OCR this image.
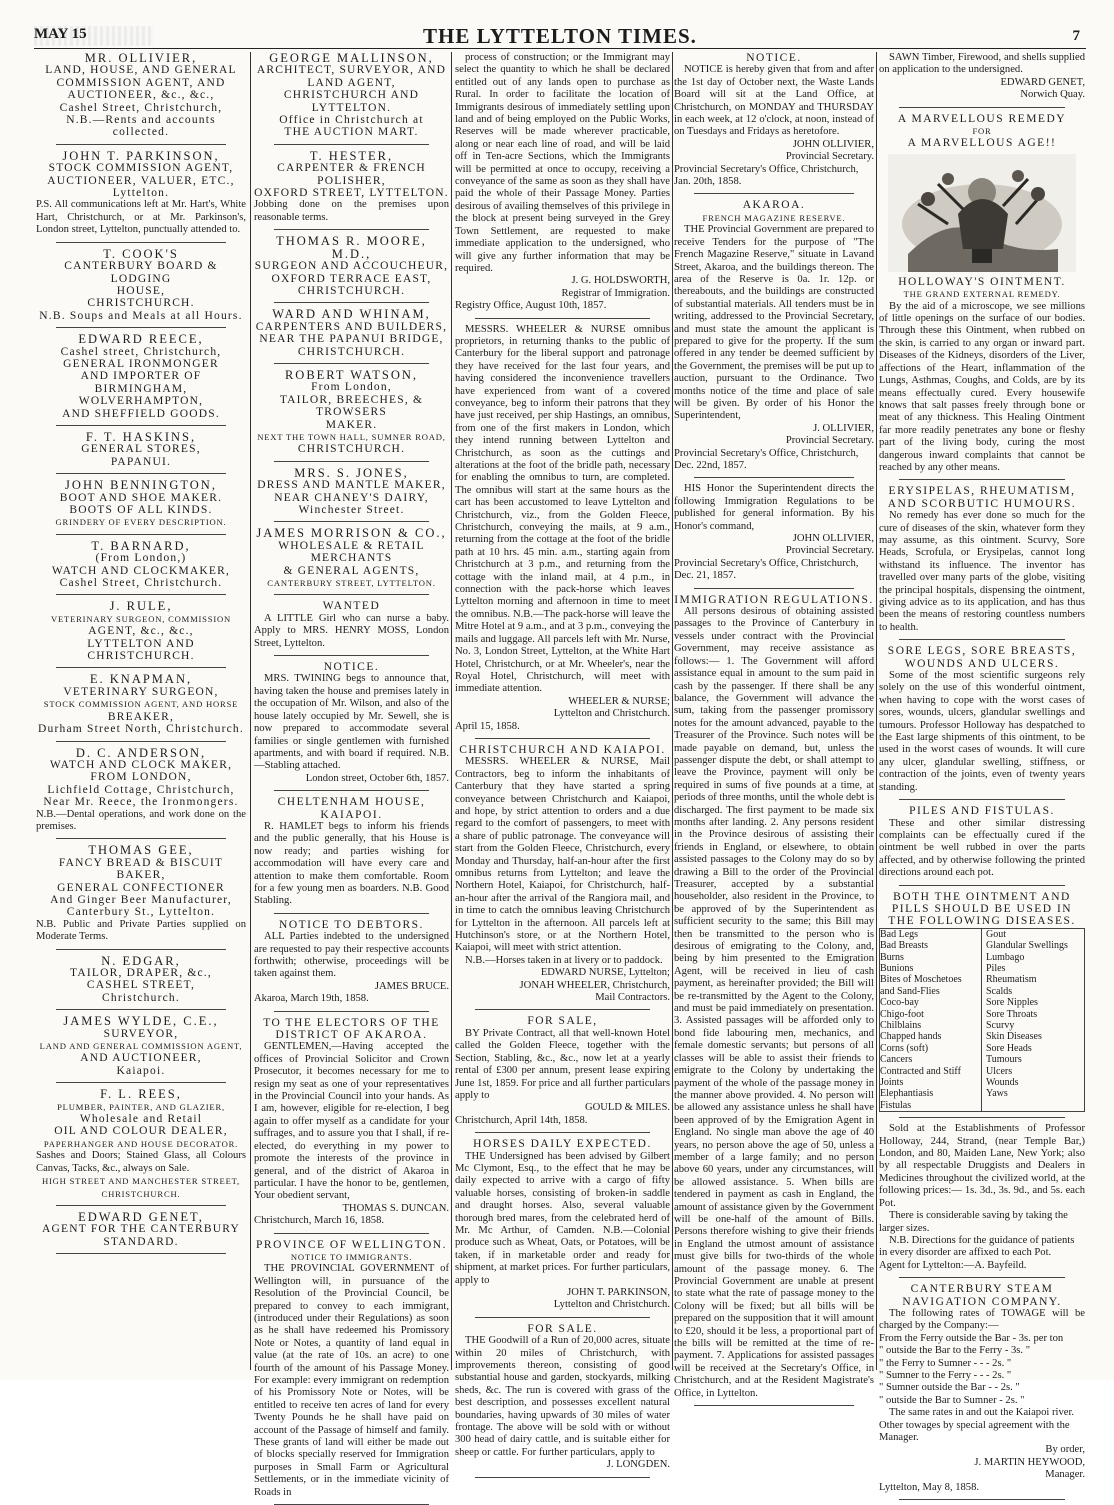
MAY 15	THE LYTTELTON TIMES.	7

MR. OLLIVIER,

LAND, HOUSE, AND GENERAL

COMMISSION AGENT, AND AUCTIONEER, &c., &c.,

Cashel Street, Christchurch,

N.B.—Rents and accounts collected.

JOHN T. PARKINSON,

STOCK COMMISSION AGENT,

AUCTIONEER, VALUER, ETC.,

Lyttelton.

P.S. All communications left at Mr. Hart's, White Hart, Christchurch, or at Mr. Parkinson's, London street, Lyttelton, punctually attended to.

T. COOK'S

CANTERBURY BOARD & LODGING

HOUSE,

CHRISTCHURCH.

N.B. Soups and Meals at all Hours.

EDWARD REECE,

Cashel street, Christchurch,

GENERAL IRONMONGER

AND IMPORTER OF

BIRMINGHAM, WOLVERHAMPTON,

AND SHEFFIELD GOODS.

F. T. HASKINS,

GENERAL STORES,

PAPANUI.

JOHN BENNINGTON,

BOOT AND SHOE MAKER.

BOOTS OF ALL KINDS.

GRINDERY OF EVERY DESCRIPTION.

T. BARNARD,

(From London,)

WATCH AND CLOCKMAKER,

Cashel Street, Christchurch.

J. RULE,

VETERINARY SURGEON, COMMISSION

AGENT, &c., &c.,

LYTTELTON AND CHRISTCHURCH.

E. KNAPMAN,

VETERINARY SURGEON,

STOCK COMMISSION AGENT, AND HORSE

BREAKER,

Durham Street North, Christchurch.

D. C. ANDERSON,

WATCH AND CLOCK MAKER,

FROM LONDON,

Lichfield Cottage, Christchurch,

Near Mr. Reece, the Ironmongers.

N.B.—Dental operations, and work done on the premises.

THOMAS GEE,

FANCY BREAD & BISCUIT BAKER,

GENERAL CONFECTIONER

And Ginger Beer Manufacturer,

Canterbury St., Lyttelton.

N.B. Public and Private Parties supplied on Moderate Terms.

N. EDGAR,

TAILOR, DRAPER, &c.,

CASHEL STREET,

Christchurch.

JAMES WYLDE, C.E.,

SURVEYOR,

LAND AND GENERAL COMMISSION AGENT,

AND AUCTIONEER,

Kaiapoi.

F. L. REES,

PLUMBER, PAINTER, AND GLAZIER,

Wholesale and Retail

OIL AND COLOUR DEALER,

PAPERHANGER AND HOUSE DECORATOR.

Sashes and Doors; Stained Glass, all Colours Canvas, Tacks, &c., always on Sale.

HIGH STREET AND MANCHESTER STREET, CHRISTCHURCH.

EDWARD GENET,

AGENT FOR THE CANTERBURY

STANDARD.

GEORGE MALLINSON,

ARCHITECT, SURVEYOR, AND

LAND AGENT,

CHRISTCHURCH AND LYTTELTON.

Office in Christchurch at

THE AUCTION MART.

T. HESTER,

CARPENTER & FRENCH POLISHER,

OXFORD STREET, LYTTELTON.

Jobbing done on the premises upon reasonable terms.

THOMAS R. MOORE, M.D.,

SURGEON AND ACCOUCHEUR,

OXFORD TERRACE EAST,

CHRISTCHURCH.

WARD AND WHINAM,

CARPENTERS AND BUILDERS,

NEAR THE PAPANUI BRIDGE,

CHRISTCHURCH.

ROBERT WATSON,

From London,

TAILOR, BREECHES, & TROWSERS

MAKER.

NEXT THE TOWN HALL, SUMNER ROAD,

CHRISTCHURCH.

MRS. S. JONES,

DRESS AND MANTLE MAKER,

NEAR CHANEY'S DAIRY,

Winchester Street.

JAMES MORRISON & CO.,

WHOLESALE & RETAIL MERCHANTS

& GENERAL AGENTS,

CANTERBURY STREET, LYTTELTON.

WANTED

A LITTLE Girl who can nurse a baby. Apply to MRS. HENRY MOSS, London Street, Lyttelton.

NOTICE.

MRS. TWINING begs to announce that, having taken the house and premises lately in the occupation of Mr. Wilson, and also of the house lately occupied by Mr. Sewell, she is now prepared to accommodate several families or single gentlemen with furnished apartments, and with board if required. N.B.—Stabling attached.

London street, October 6th, 1857.

CHELTENHAM HOUSE, KAIAPOI.

R. HAMLET begs to inform his friends and the public generally, that his House is now ready; and parties wishing for accommodation will have every care and attention to make them comfortable. Room for a few young men as boarders. N.B. Good Stabling.

NOTICE TO DEBTORS.

ALL Parties indebted to the undersigned are requested to pay their respective accounts forthwith; otherwise, proceedings will be taken against them.

JAMES BRUCE.

Akaroa, March 19th, 1858.

TO THE ELECTORS OF THE DISTRICT OF AKAROA.

GENTLEMEN,—Having accepted the offices of Provincial Solicitor and Crown Prosecutor, it becomes necessary for me to resign my seat as one of your representatives in the Provincial Council into your hands. As I am, however, eligible for re-election, I beg again to offer myself as a candidate for your suffrages, and to assure you that I shall, if re-elected, do everything in my power to promote the interests of the province in general, and of the district of Akaroa in particular. I have the honor to be, gentlemen, Your obedient servant,

THOMAS S. DUNCAN.

Christchurch, March 16, 1858.

PROVINCE OF WELLINGTON.

NOTICE TO IMMIGRANTS.

THE PROVINCIAL GOVERNMENT of Wellington will, in pursuance of the Resolution of the Provincial Council, be prepared to convey to each immigrant, (introduced under their Regulations) as soon as he shall have redeemed his Promissory Note or Notes, a quantity of land equal in value (at the rate of 10s. an acre) to one fourth of the amount of his Passage Money. For example: every immigrant on redemption of his Promissory Note or Notes, will be entitled to receive ten acres of land for every Twenty Pounds he he shall have paid on account of the Passage of himself and family. These grants of land will either be made out of blocks specially reserved for Immigration purposes in Small Farm or Agricultural Settlements, or in the immediate vicinity of Roads in

process of construction; or the Immigrant may select the quantity to which he shall be declared entitled out of any lands open to purchase as Rural. In order to facilitate the location of Immigrants desirous of immediately settling upon land and of being employed on the Public Works, Reserves will be made wherever practicable, along or near each line of road, and will be laid off in Ten-acre Sections, which the Immigrants will be permitted at once to occupy, receiving a conveyance of the same as soon as they shall have paid the whole of their Passage Money. Parties desirous of availing themselves of this privilege in the block at present being surveyed in the Grey Town Settlement, are requested to make immediate application to the undersigned, who will give any further information that may be required.

J. G. HOLDSWORTH,

Registrar of Immigration.

Registry Office, August 10th, 1857.

MESSRS. WHEELER & NURSE omnibus proprietors, in returning thanks to the public of Canterbury for the liberal support and patronage they have received for the last four years, and having considered the inconvenience travellers have experienced from want of a covered conveyance, beg to inform their patrons that they have just received, per ship Hastings, an omnibus, from one of the first makers in London, which they intend running between Lyttelton and Christchurch, as soon as the cuttings and alterations at the foot of the bridle path, necessary for enabling the omnibus to turn, are completed. The omnibus will start at the same hours as the cart has been accustomed to leave Lyttelton and Christchurch, viz., from the Golden Fleece, Christchurch, conveying the mails, at 9 a.m., returning from the cottage at the foot of the bridle path at 10 hrs. 45 min. a.m., starting again from Christchurch at 3 p.m., and returning from the cottage with the inland mail, at 4 p.m., in connection with the pack-horse which leaves Lyttelton morning and afternoon in time to meet the omnibus. N.B.—The pack-horse will leave the Mitre Hotel at 9 a.m., and at 3 p.m., conveying the mails and luggage. All parcels left with Mr. Nurse, No. 3, London Street, Lyttelton, at the White Hart Hotel, Christchurch, or at Mr. Wheeler's, near the Royal Hotel, Christchurch, will meet with immediate attention.

WHEELER & NURSE;

Lyttelton and Christchurch.

April 15, 1858.

CHRISTCHURCH AND KAIAPOI.

MESSRS. WHEELER & NURSE, Mail Contractors, beg to inform the inhabitants of Canterbury that they have started a spring conveyance between Christchurch and Kaiapoi, and hope, by strict attention to orders and a due regard to the comfort of passengers, to meet with a share of public patronage. The conveyance will start from the Golden Fleece, Christchurch, every Monday and Thursday, half-an-hour after the first omnibus returns from Lyttelton; and leave the Northern Hotel, Kaiapoi, for Christchurch, half-an-hour after the arrival of the Rangiora mail, and in time to catch the omnibus leaving Christchurch for Lyttelton in the afternoon. All parcels left at Hutchinson's store, or at the Northern Hotel, Kaiapoi, will meet with strict attention.

N.B.—Horses taken in at livery or to paddock.

EDWARD NURSE, Lyttelton;

JONAH WHEELER, Christchurch,

Mail Contractors.

FOR SALE,

BY Private Contract, all that well-known Hotel called the Golden Fleece, together with the Section, Stabling, &c., &c., now let at a yearly rental of £300 per annum, present lease expiring June 1st, 1859. For price and all further particulars apply to

GOULD & MILES.

Christchurch, April 14th, 1858.

HORSES DAILY EXPECTED.

THE Undersigned has been advised by Gilbert Mc Clymont, Esq., to the effect that he may be daily expected to arrive with a cargo of fifty valuable horses, consisting of broken-in saddle and draught horses. Also, several valuable thorough bred mares, from the celebrated herd of Mr. Mc Arthur, of Camden. N.B.—Colonial produce such as Wheat, Oats, or Potatoes, will be taken, if in marketable order and ready for shipment, at market prices. For further particulars, apply to

JOHN T. PARKINSON,

Lyttelton and Christchurch.

FOR SALE.

THE Goodwill of a Run of 20,000 acres, situate within 20 miles of Christchurch, with improvements thereon, consisting of good substantial house and garden, stockyards, milking sheds, &c. The run is covered with grass of the best description, and possesses excellent natural boundaries, having upwards of 30 miles of water frontage. The above will be sold with or without 300 head of dairy cattle, and is suitable either for sheep or cattle. For further particulars, apply to

J. LONGDEN.

NOTICE.

NOTICE is hereby given that from and after the 1st day of October next, the Waste Lands Board will sit at the Land Office, at Christchurch, on MONDAY and THURSDAY in each week, at 12 o'clock, at noon, instead of on Tuesdays and Fridays as heretofore.

JOHN OLLIVIER,

Provincial Secretary.

Provincial Secretary's Office, Christchurch, Jan. 20th, 1858.

AKAROA.

FRENCH MAGAZINE RESERVE.

THE Provincial Government are prepared to receive Tenders for the purpose of "The French Magazine Reserve," situate in Lavand Street, Akaroa, and the buildings thereon. The area of the Reserve is 0a. 1r. 12p. or thereabouts, and the buildings are constructed of substantial materials. All tenders must be in writing, addressed to the Provincial Secretary, and must state the amount the applicant is prepared to give for the property. If the sum offered in any tender be deemed sufficient by the Government, the premises will be put up to auction, pursuant to the Ordinance. Two months notice of the time and place of sale will be given. By order of his Honor the Superintendent,

J. OLLIVIER,

Provincial Secretary.

Provincial Secretary's Office, Christchurch, Dec. 22nd, 1857.

HIS Honor the Superintendent directs the following Immigration Regulations to be published for general information. By his Honor's command,

JOHN OLLIVIER,

Provincial Secretary.

Provincial Secretary's Office, Christchurch, Dec. 21, 1857.

IMMIGRATION REGULATIONS.

All persons desirous of obtaining assisted passages to the Province of Canterbury in vessels under contract with the Provincial Government, may receive assistance as follows:— 1. The Government will afford assistance equal in amount to the sum paid in cash by the passenger. If there shall be any balance, the Government will advance the sum, taking from the passenger promissory notes for the amount advanced, payable to the Treasurer of the Province. Such notes will be made payable on demand, but, unless the passenger dispute the debt, or shall attempt to leave the Province, payment will only be required in sums of five pounds at a time, at periods of three months, until the whole debt is discharged. The first payment to be made six months after landing. 2. Any persons resident in the Province desirous of assisting their friends in England, or elsewhere, to obtain assisted passages to the Colony may do so by drawing a Bill to the order of the Provincial Treasurer, accepted by a substantial householder, also resident in the Province, to be approved of by the Superintendent as sufficient security to the same; this Bill may then be transmitted to the person who is desirous of emigrating to the Colony, and, being by him presented to the Emigration Agent, will be received in lieu of cash payment, as hereinafter provided; the Bill will be re-transmitted by the Agent to the Colony, and must be paid immediately on presentation. 3. Assisted passages will be afforded only to bond fide labouring men, mechanics, and female domestic servants; but persons of all classes will be able to assist their friends to emigrate to the Colony by undertaking the payment of the whole of the passage money in the manner above provided. 4. No person will be allowed any assistance unless he shall have been approved of by the Emigration Agent in England. No single man above the age of 40 years, no person above the age of 50, unless a member of a large family; and no person above 60 years, under any circumstances, will be allowed assistance. 5. When bills are tendered in payment as cash in England, the amount of assistance given by the Government will be one-half of the amount of Bills. Persons therefore wishing to give their friends in England the utmost amount of assistance must give bills for two-thirds of the whole amount of the passage money. 6. The Provincial Government are unable at present to state what the rate of passage money to the Colony will be fixed; but all bills will be prepared on the supposition that it will amount to £20, should it be less, a proportional part of the bills will be remitted at the time of re-payment. 7. Applications for assisted passages will be received at the Secretary's Office, in Christchurch, and at the Resident Magistrate's Office, in Lyttelton.

SAWN Timber, Firewood, and shells supplied on application to the undersigned.

EDWARD GENET,

Norwich Quay.

A MARVELLOUS REMEDY

FOR

A MARVELLOUS AGE!!

HOLLOWAY'S OINTMENT.

THE GRAND EXTERNAL REMEDY.

By the aid of a microscope, we see millions of little openings on the surface of our bodies. Through these this Ointment, when rubbed on the skin, is carried to any organ or inward part. Diseases of the Kidneys, disorders of the Liver, affections of the Heart, inflammation of the Lungs, Asthmas, Coughs, and Colds, are by its means effectually cured. Every housewife knows that salt passes freely through bone or meat of any thickness. This Healing Ointment far more readily penetrates any bone or fleshy part of the living body, curing the most dangerous inward complaints that cannot be reached by any other means.

ERYSIPELAS, RHEUMATISM, AND SCORBUTIC HUMOURS.

No remedy has ever done so much for the cure of diseases of the skin, whatever form they may assume, as this ointment. Scurvy, Sore Heads, Scrofula, or Erysipelas, cannot long withstand its influence. The inventor has travelled over many parts of the globe, visiting the principal hospitals, dispensing the ointment, giving advice as to its application, and has thus been the means of restoring countless numbers to health.

SORE LEGS, SORE BREASTS, WOUNDS AND ULCERS.

Some of the most scientific surgeons rely solely on the use of this wonderful ointment, when having to cope with the worst cases of sores, wounds, ulcers, glandular swellings and tumours. Professor Holloway has despatched to the East large shipments of this ointment, to be used in the worst cases of wounds. It will cure any ulcer, glandular swelling, stiffness, or contraction of the joints, even of twenty years standing.

PILES AND FISTULAS.

These and other similar distressing complaints can be effectually cured if the ointment be well rubbed in over the parts affected, and by otherwise following the printed directions around each pot.

BOTH THE OINTMENT AND PILLS SHOULD BE USED IN THE FOLLOWING DISEASES.

Bad Legs
Bad Breasts
Burns
Bunions
Bites of Moschetoes and Sand-Flies
Coco-bay
Chigo-foot
Chilblains
Chapped hands
Corns (soft)
Cancers
Contracted and Stiff Joints
Elephantiasis
Fistulas
Gout
Glandular Swellings
Lumbago
Piles
Rheumatism
Scalds
Sore Nipples
Sore Throats
Scurvy
Skin Diseases
Sore Heads
Tumours
Ulcers
Wounds
Yaws

Sold at the Establishments of Professor Holloway, 244, Strand, (near Temple Bar,) London, and 80, Maiden Lane, New York; also by all respectable Druggists and Dealers in Medicines throughout the civilized world, at the following prices:— 1s. 3d., 3s. 9d., and 5s. each Pot.

There is considerable saving by taking the larger sizes.

N.B. Directions for the guidance of patients in every disorder are affixed to each Pot.

Agent for Lyttelton:—A. Bayfeild.

CANTERBURY STEAM NAVIGATION COMPANY.

The following rates of TOWAGE will be charged by the Company:—

From the Ferry outside the Bar - 3s. per ton

" outside the Bar to the Ferry - 3s. "

" the Ferry to Sumner - - - 2s. "

" Sumner to the Ferry - - - 2s. "

" Sumner outside the Bar - - 2s. "

" outside the Bar to Sumner - 2s. "

The same rates in and out the Kaiapoi river. Other towages by special agreement with the Manager.

By order,

J. MARTIN HEYWOOD,

Manager.

Lyttelton, May 8, 1858.
